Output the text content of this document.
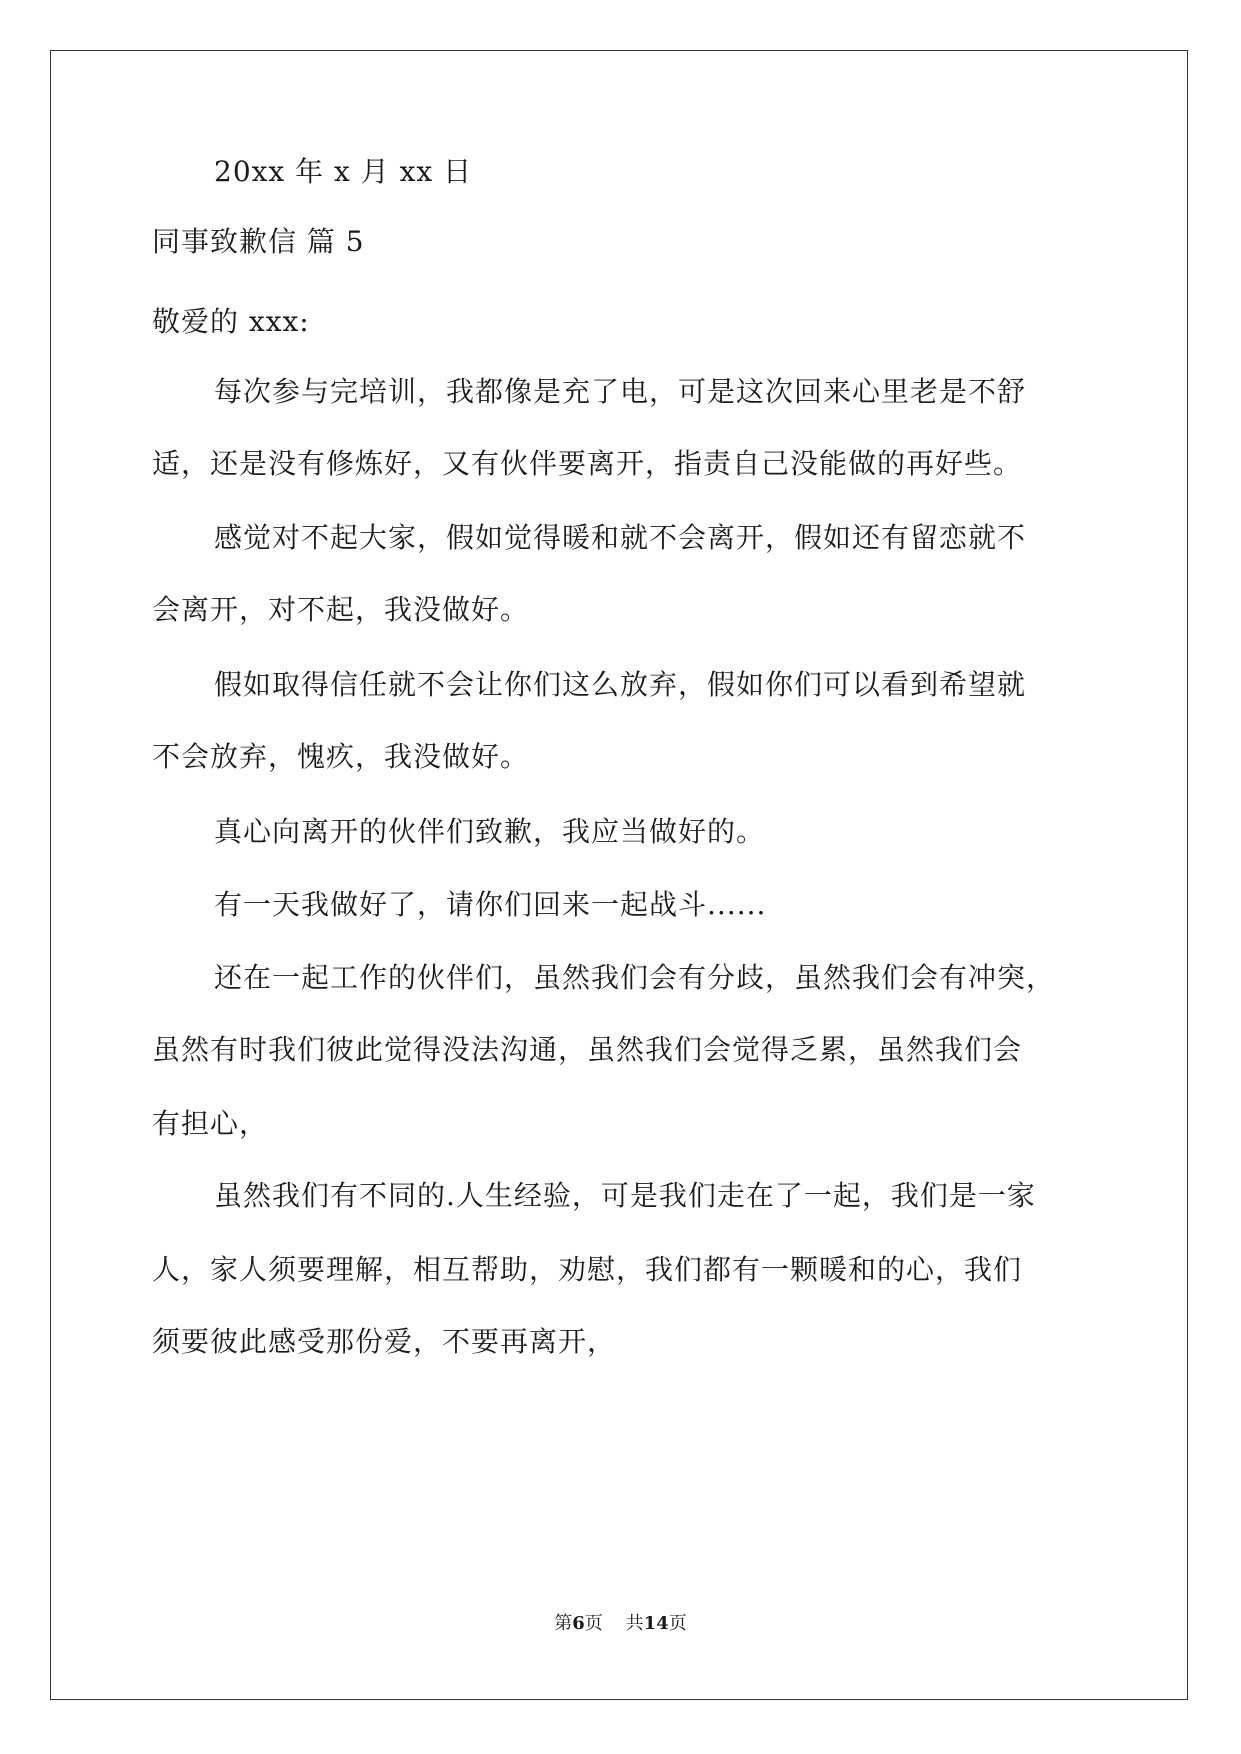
20xx 年 x 月 xx 日
同事致歉信 篇 5
敬爱的 xxx:
每次参与完培训，我都像是充了电，可是这次回来心里老是不舒
适，还是没有修炼好，又有伙伴要离开，指责自己没能做的再好些。
感觉对不起大家，假如觉得暖和就不会离开，假如还有留恋就不
会离开，对不起，我没做好。
假如取得信任就不会让你们这么放弃，假如你们可以看到希望就
不会放弃，愧疚，我没做好。
真心向离开的伙伴们致歉，我应当做好的。
有一天我做好了，请你们回来一起战斗......
还在一起工作的伙伴们，虽然我们会有分歧，虽然我们会有冲突，
虽然有时我们彼此觉得没法沟通，虽然我们会觉得乏累，虽然我们会
有担心，
虽然我们有不同的.人生经验，可是我们走在了一起，我们是一家
人，家人须要理解，相互帮助，劝慰，我们都有一颗暖和的心，我们
须要彼此感受那份爱，不要再离开，
第6页 共14页
